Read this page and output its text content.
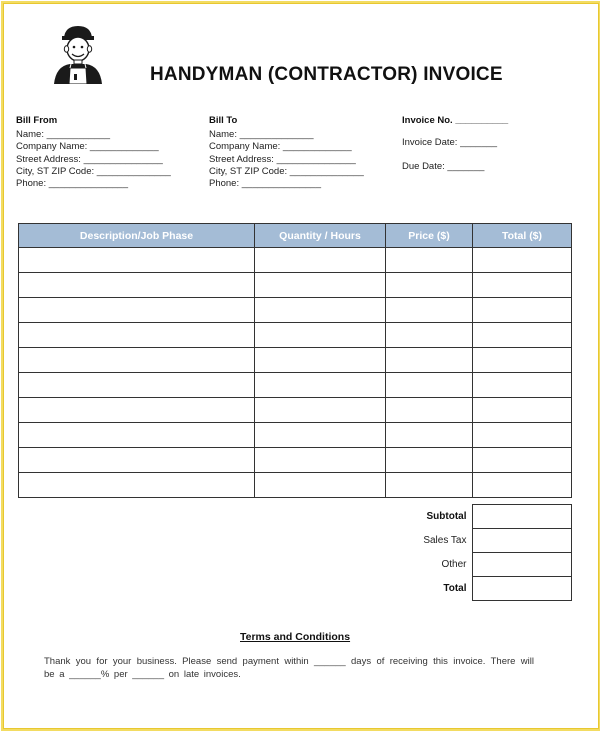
HANDYMAN (CONTRACTOR) INVOICE
Bill From
Name: ____________
Company Name: _____________
Street Address: _______________
City, ST ZIP Code: ______________
Phone: _______________
Bill To
Name: ______________
Company Name: _____________
Street Address: _______________
City, ST ZIP Code: ______________
Phone: _______________
Invoice No. __________
Invoice Date: _______
Due Date: _______
Description/Job Phase	Quantity / Hours	Price ($)	Total ($)

	Subtotal	
	Sales Tax	
	Other	
	Total	
Terms and Conditions
Thank you for your business. Please send payment within ______ days of receiving this invoice. There will be a ______% per ______ on late invoices.
